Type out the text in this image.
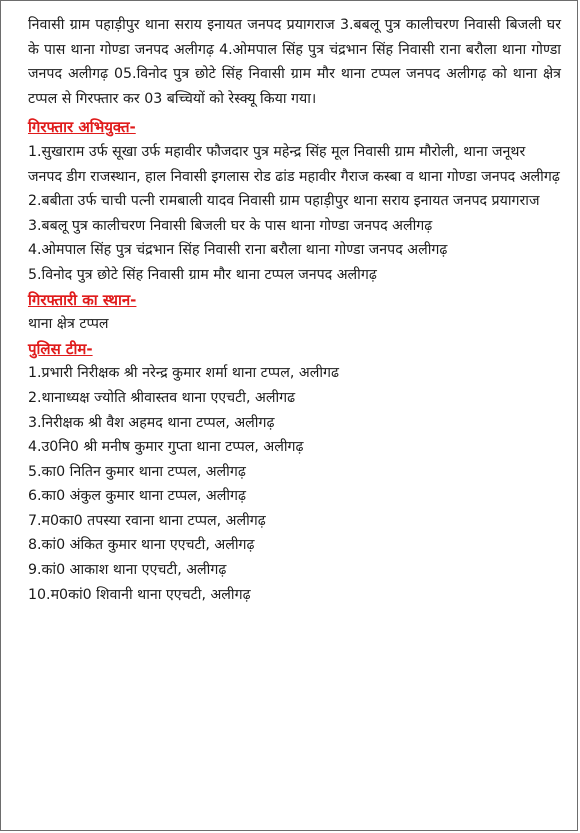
निवासी ग्राम पहाड़ीपुर थाना सराय इनायत जनपद प्रयागराज 3.बबलू पुत्र कालीचरण निवासी बिजली घर के पास थाना गोण्डा जनपद अलीगढ़ 4.ओमपाल सिंह पुत्र चंद्रभान सिंह निवासी राना बरौला थाना गोण्डा जनपद अलीगढ़ 05.विनोद पुत्र छोटे सिंह निवासी ग्राम मौर थाना टप्पल जनपद अलीगढ़ को थाना क्षेत्र टप्पल से गिरफ्तार कर 03 बच्चियों को रेस्क्यू किया गया।

गिरफ्तार अभियुक्त-

1.सुखाराम उर्फ सूखा उर्फ महावीर फौजदार पुत्र महेन्द्र सिंह मूल निवासी ग्राम मौरोली, थाना जनूथर जनपद डीग राजस्थान, हाल निवासी इगलास रोड ढांड महावीर गैराज कस्बा व थाना गोण्डा जनपद अलीगढ़

2.बबीता उर्फ चाची पत्नी रामबाली यादव निवासी ग्राम पहाड़ीपुर थाना सराय इनायत जनपद प्रयागराज

3.बबलू पुत्र कालीचरण निवासी बिजली घर के पास थाना गोण्डा जनपद अलीगढ़

4.ओमपाल सिंह पुत्र चंद्रभान सिंह निवासी राना बरौला थाना गोण्डा जनपद अलीगढ़

5.विनोद पुत्र छोटे सिंह निवासी ग्राम मौर थाना टप्पल जनपद अलीगढ़

गिरफ्तारी का स्थान-

थाना क्षेत्र टप्पल

पुलिस टीम-

1.प्रभारी निरीक्षक श्री नरेन्द्र कुमार शर्मा थाना टप्पल, अलीगढ

2.थानाध्यक्ष ज्योति श्रीवास्तव थाना एएचटी, अलीगढ

3.निरीक्षक श्री वैश अहमद थाना टप्पल, अलीगढ़

4.उ0नि0 श्री मनीष कुमार गुप्ता थाना टप्पल, अलीगढ़

5.का0 नितिन कुमार थाना टप्पल, अलीगढ़

6.का0 अंकुल कुमार थाना टप्पल, अलीगढ़

7.म0का0 तपस्या रवाना थाना टप्पल, अलीगढ़

8.कां0 अंकित कुमार थाना एएचटी, अलीगढ़

9.कां0 आकाश थाना एएचटी, अलीगढ़

10.म0कां0 शिवानी थाना एएचटी, अलीगढ़
